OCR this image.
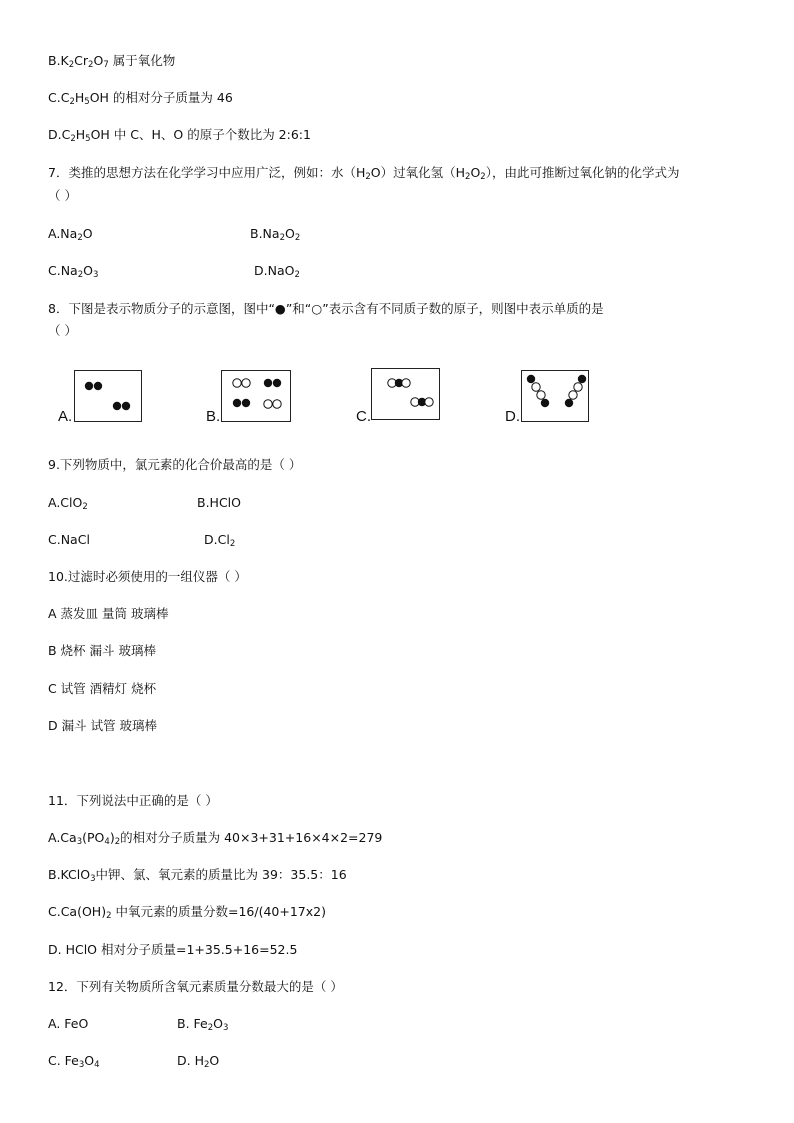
$B.K_2Cr_2O_7$ 属于氧化物
$C.C_2H_5OH$ 的相对分子质量为 46
$D.C_2H_5OH$ 中 C、H、O 的原子个数比为 2:6:1
7．类推的思想方法在化学学习中应用广泛，例如：水$(H_2O)$过氧化氢$(H_2O_2)$，由此可推断过氧化钠的化学式为
（ ）
$A.Na_2O$	$B.Na_2O_2$
$C.Na_2O_3$	D.NaO$_2$
8．下图是表示物质分子的示意图，图中“●”和“○”表示含有不同质子数的原子，则图中表示单质的是
（ ）
A.	B.	C.	D.
9.下列物质中，氯元素的化合价最高的是（ ）
A.ClO$_2$	B.HClO
C.NaCl	$D.Cl_2$
10.过滤时必须使用的一组仪器（ ）
A 蒸发皿 量筒 玻璃棒
B 烧杯 漏斗 玻璃棒
C 试管 酒精灯 烧杯
D 漏斗 试管 玻璃棒
11．下列说法中正确的是（ ）
$A.Ca_3(PO_4)_2$的相对分子质量为 40×3+31+16×4×2=279
B.KClO$_3$中钾、氯、氧元素的质量比为 39：35.5：16
$C.Ca(OH)_2$ 中氧元素的质量分数=16/(40+17x2)
D. HClO 相对分子质量=1+35.5+16=52.5
12．下列有关物质所含氧元素质量分数最大的是（ ）
A. FeO	B. $Fe_2O_3$
C. $Fe_3O_4$	D. $H_2O$
